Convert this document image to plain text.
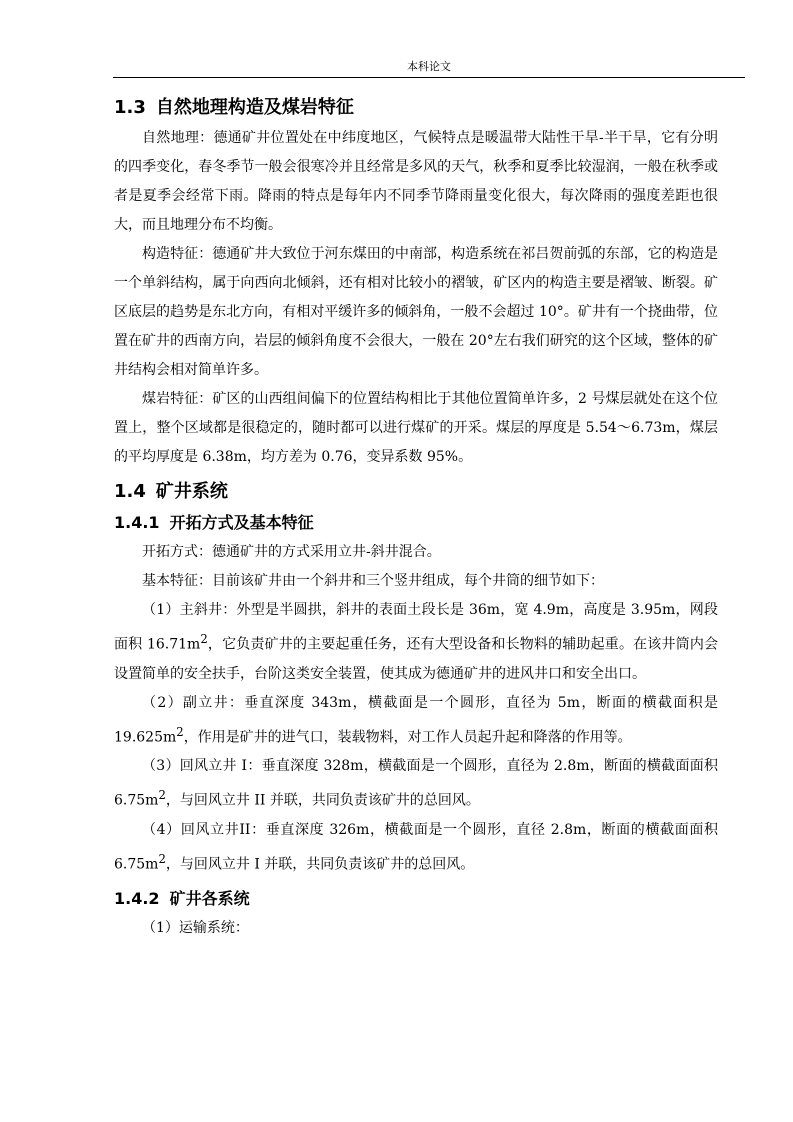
本科论文
1.3 自然地理构造及煤岩特征

自然地理：德通矿井位置处在中纬度地区，气候特点是暖温带大陆性干旱-半干旱，它有分明的四季变化，春冬季节一般会很寒冷并且经常是多风的天气，秋季和夏季比较湿润，一般在秋季或者是夏季会经常下雨。降雨的特点是每年内不同季节降雨量变化很大，每次降雨的强度差距也很大，而且地理分布不均衡。

构造特征：德通矿井大致位于河东煤田的中南部，构造系统在祁吕贺前弧的东部，它的构造是一个单斜结构，属于向西向北倾斜，还有相对比较小的褶皱，矿区内的构造主要是褶皱、断裂。矿区底层的趋势是东北方向，有相对平缓许多的倾斜角，一般不会超过 10°。矿井有一个挠曲带，位置在矿井的西南方向，岩层的倾斜角度不会很大，一般在 20°左右我们研究的这个区域，整体的矿井结构会相对简单许多。

煤岩特征：矿区的山西组间偏下的位置结构相比于其他位置简单许多，2 号煤层就处在这个位置上，整个区域都是很稳定的，随时都可以进行煤矿的开采。煤层的厚度是 5.54～6.73m，煤层的平均厚度是 6.38m，均方差为 0.76，变异系数 95%。

1.4 矿井系统
1.4.1 开拓方式及基本特征

开拓方式：德通矿井的方式采用立井-斜井混合。

基本特征：目前该矿井由一个斜井和三个竖井组成，每个井筒的细节如下：

（1）主斜井：外型是半圆拱，斜井的表面土段长是 36m，宽 4.9m，高度是 3.95m，网段面积 $16.71m^2$，它负责矿井的主要起重任务，还有大型设备和长物料的辅助起重。在该井筒内会设置简单的安全扶手，台阶这类安全装置，使其成为德通矿井的进风井口和安全出口。

（2）副立井：垂直深度 343m，横截面是一个圆形，直径为 5m，断面的横截面积是 $19.625m^2$，作用是矿井的进气口，装载物料，对工作人员起升起和降落的作用等。

（3）回风立井 I：垂直深度 328m，横截面是一个圆形，直径为 2.8m，断面的横截面面积 $6.75m^2$，与回风立井 II 并联，共同负责该矿井的总回风。

（4）回风立井II：垂直深度 326m，横截面是一个圆形，直径 2.8m，断面的横截面面积 $6.75m^2$，与回风立井 I 并联，共同负责该矿井的总回风。

1.4.2 矿井各系统

（1）运输系统：
